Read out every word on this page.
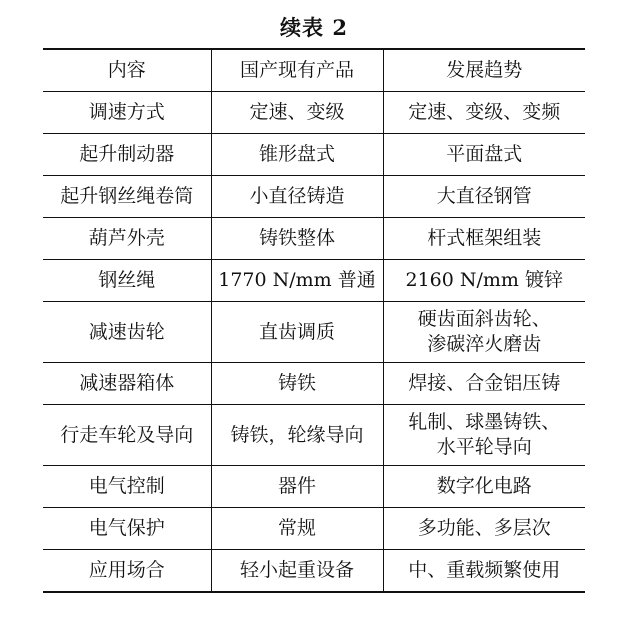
续表 2
内容	国产现有产品	发展趋势
调速方式	定速、变级	定速、变级、变频
起升制动器	锥形盘式	平面盘式
起升钢丝绳卷筒	小直径铸造	大直径钢管
葫芦外壳	铸铁整体	杆式框架组装
钢丝绳	1770 N/mm 普通	2160 N/mm 镀锌
减速齿轮	直齿调质	硬齿面斜齿轮、
渗碳淬火磨齿
减速器箱体	铸铁	焊接、合金铝压铸
行走车轮及导向	铸铁，轮缘导向	轧制、球墨铸铁、
水平轮导向
电气控制	器件	数字化电路
电气保护	常规	多功能、多层次
应用场合	轻小起重设备	中、重载频繁使用
